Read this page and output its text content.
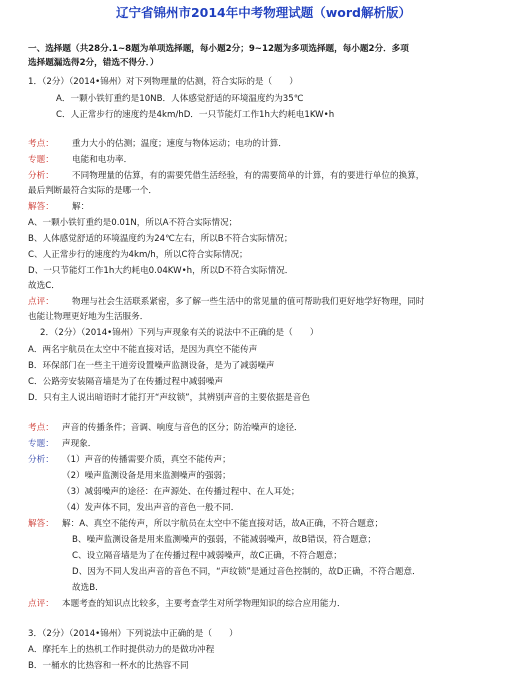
辽宁省锦州市2014年中考物理试题（word解析版）
一、选择题（共28分.1~8题为单项选择题，每小题2分；9~12题为多项选择题，每小题2分．多项
选择题漏选得2分，错选不得分．）
1．（2分）（2014•锦州）对下列物理量的估测，符合实际的是（　　）
A．一颗小铁钉重约是10NB．人体感觉舒适的环境温度约为35℃
C．人正常步行的速度约是4km/hD．一只节能灯工作1h大约耗电1KW•h
考点： 重力大小的估测；温度；速度与物体运动；电功的计算．
专题： 电能和电功率．
分析： 不同物理量的估算，有的需要凭借生活经验，有的需要简单的计算，有的要进行单位的换算，
最后判断最符合实际的是哪一个．
解答： 解：
A、一颗小铁钉重约是0.01N，所以A不符合实际情况；
B、人体感觉舒适的环境温度约为24℃左右，所以B不符合实际情况；
C、人正常步行的速度约为4km/h，所以C符合实际情况；
D、一只节能灯工作1h大约耗电0.04KW•h，所以D不符合实际情况．
故选C．
点评： 物理与社会生活联系紧密，多了解一些生活中的常见量的值可帮助我们更好地学好物理，同时
也能让物理更好地为生活服务．
2．（2分）（2014•锦州）下列与声现象有关的说法中不正确的是（　　）
A．两名宇航员在太空中不能直接对话，是因为真空不能传声
B．环保部门在一些主干道旁设置噪声监测设备，是为了减弱噪声
C．公路旁安装隔音墙是为了在传播过程中减弱噪声
D．只有主人说出暗语时才能打开“声纹锁”，其辨别声音的主要依据是音色
考点： 声音的传播条件；音调、响度与音色的区分；防治噪声的途径．
专题： 声现象．
分析： （1）声音的传播需要介质，真空不能传声；
（2）噪声监测设备是用来监测噪声的强弱；
（3）减弱噪声的途径：在声源处、在传播过程中、在人耳处；
（4）发声体不同，发出声音的音色一般不同．
解答： 解：A、真空不能传声，所以宇航员在太空中不能直接对话，故A正确，不符合题意；
B、噪声监测设备是用来监测噪声的强弱，不能减弱噪声，故B错误，符合题意；
C、设立隔音墙是为了在传播过程中减弱噪声，故C正确，不符合题意；
D、因为不同人发出声音的音色不同，“声纹锁”是通过音色控制的，故D正确，不符合题意．
故选B．
点评： 本题考查的知识点比较多，主要考查学生对所学物理知识的综合应用能力．
3．（2分）（2014•锦州）下列说法中正确的是（　　）
A．摩托车上的热机工作时提供动力的是做功冲程
B．一桶水的比热容和一杯水的比热容不同
